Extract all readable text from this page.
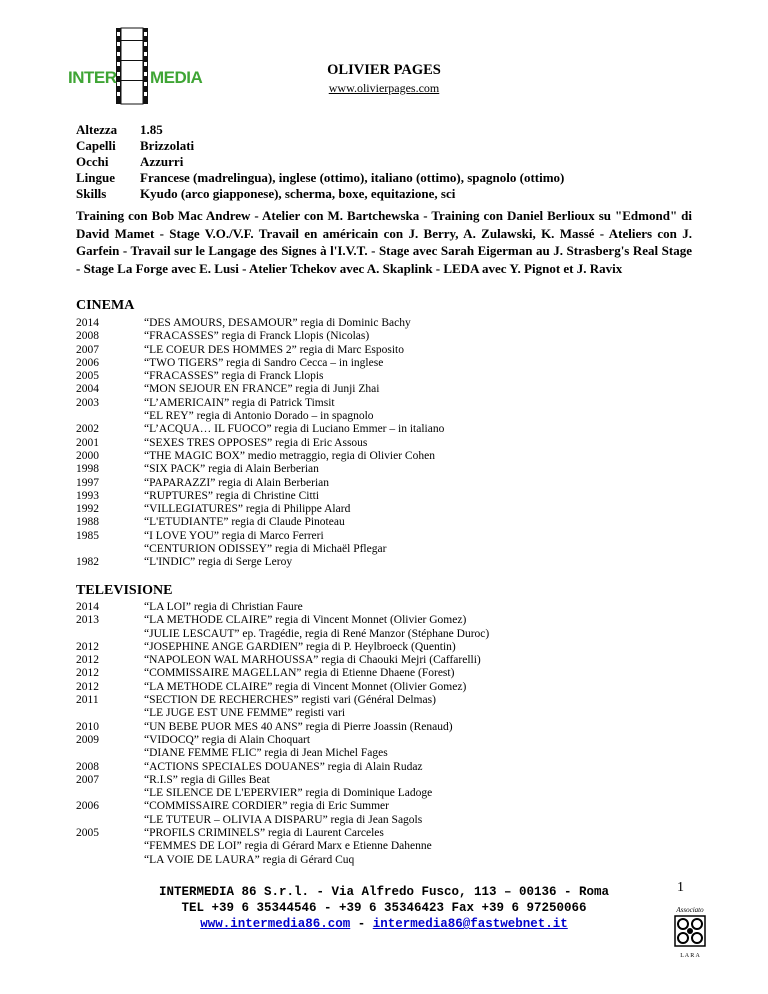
INTER MEDIA	OLIVIER PAGES
www.olivierpages.com
Altezza	1.85
Capelli	Brizzolati
Occhi	Azzurri
Lingue	Francese (madrelingua), inglese (ottimo), italiano (ottimo), spagnolo (ottimo)
Skills	Kyudo (arco giapponese), scherma, boxe, equitazione, sci
Training con Bob Mac Andrew - Atelier con M. Bartchewska - Training con Daniel Berlioux su "Edmond" di David Mamet - Stage V.O./V.F. Travail en américain con J. Berry, A. Zulawski, K. Massé - Ateliers con J. Garfein - Travail sur le Langage des Signes à l'I.V.T. - Stage avec Sarah Eigerman au J. Strasberg's Real Stage - Stage La Forge avec E. Lusi - Atelier Tchekov avec A. Skaplink - LEDA avec Y. Pignot et J. Ravix
CINEMA
2014	“DES AMOURS, DESAMOUR” regia di Dominic Bachy
2008	“FRACASSES” regia di Franck Llopis (Nicolas)
2007	“LE COEUR DES HOMMES 2” regia di Marc Esposito
2006	“TWO TIGERS” regia di Sandro Cecca – in inglese
2005	“FRACASSES” regia di Franck Llopis
2004	“MON SEJOUR EN FRANCE” regia di Junji Zhai
2003	“L’AMERICAIN” regia di Patrick Timsit
“EL REY” regia di Antonio Dorado – in spagnolo
2002	“L’ACQUA… IL FUOCO” regia di Luciano Emmer – in italiano
2001	“SEXES TRES OPPOSES” regia di Eric Assous
2000	“THE MAGIC BOX” medio metraggio, regia di Olivier Cohen
1998	“SIX PACK” regia di Alain Berberian
1997	“PAPARAZZI” regia di Alain Berberian
1993	“RUPTURES” regia di Christine Citti
1992	“VILLEGIATURES” regia di Philippe Alard
1988	“L'ETUDIANTE” regia di Claude Pinoteau
1985	“I LOVE YOU” regia di Marco Ferreri
“CENTURION ODISSEY” regia di Michaël Pflegar
1982	“L'INDIC” regia di Serge Leroy
TELEVISIONE
2014	“LA LOI” regia di Christian Faure
2013	“LA METHODE CLAIRE” regia di Vincent Monnet (Olivier Gomez)
“JULIE LESCAUT” ep. Tragédie, regia di René Manzor (Stéphane Duroc)
2012	“JOSEPHINE ANGE GARDIEN” regia di P. Heylbroeck (Quentin)
2012	“NAPOLEON WAL MARHOUSSA” regia di Chaouki Mejri (Caffarelli)
2012	“COMMISSAIRE MAGELLAN” regia di Etienne Dhaene (Forest)
2012	“LA METHODE CLAIRE” regia di Vincent Monnet (Olivier Gomez)
2011	“SECTION DE RECHERCHES” registi vari (Général Delmas)
“LE JUGE EST UNE FEMME” registi vari
2010	“UN BEBE PUOR MES 40 ANS” regia di Pierre Joassin (Renaud)
2009	“VIDOCQ” regia di Alain Choquart
“DIANE FEMME FLIC” regia di Jean Michel Fages
2008	“ACTIONS SPECIALES DOUANES” regia di Alain Rudaz
2007	“R.I.S” regia di Gilles Beat
“LE SILENCE DE L'EPERVIER” regia di Dominique Ladoge
2006	“COMMISSAIRE CORDIER” regia di Eric Summer
“LE TUTEUR – OLIVIA A DISPARU” regia di Jean Sagols
2005	“PROFILS CRIMINELS” regia di Laurent Carceles
“FEMMES DE LOI” regia di Gérard Marx e Etienne Dahenne
“LA VOIE DE LAURA” regia di Gérard Cuq
INTERMEDIA 86 S.r.l. - Via Alfredo Fusco, 113 – 00136 - Roma
TEL +39 6 35344546 - +39 6 35346423 Fax +39 6 97250066
www.intermedia86.com - intermedia86@fastwebnet.it
1
Associato
L A R A
